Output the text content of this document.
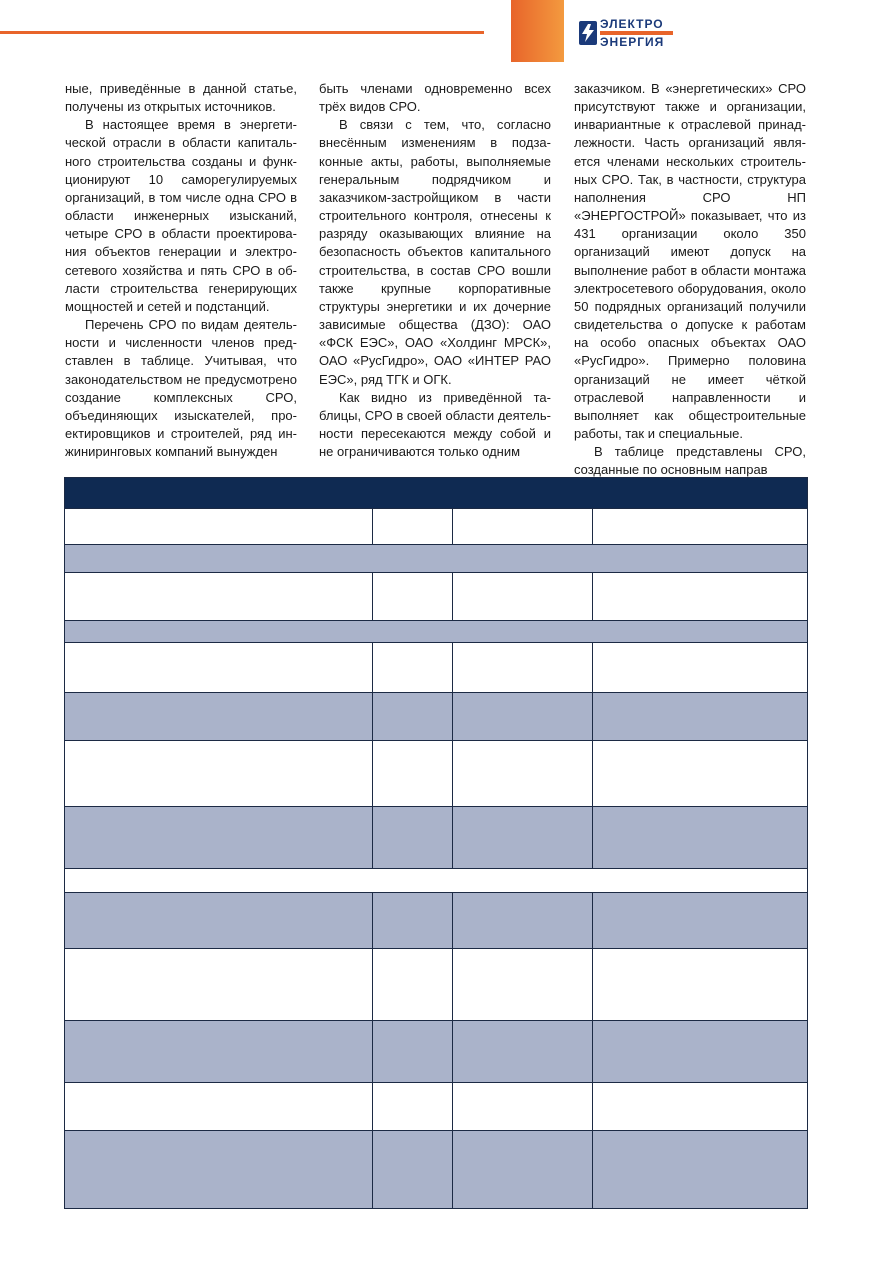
ЭЛЕКТРО
ЭНЕРГИЯ

ные, приведённые в данной статье, получены из открытых источников.

В настоящее время в энергетической отрасли в области капитального строительства созданы и функционируют 10 саморегулируемых организаций, в том числе одна СРО в области инженерных изысканий, четыре СРО в области проектирования объектов генерации и электросетевого хозяйства и пять СРО в области строительства генерирующих мощностей и сетей и подстанций.

Перечень СРО по видам деятельности и численности членов представлен в таблице. Учитывая, что законодательством не предусмотрено создание комплексных СРО, объединяющих изыскателей, проектировщиков и строителей, ряд инжиниринговых компаний вынужден

быть членами одновременно всех трёх видов СРО.

В связи с тем, что, согласно внесённым изменениям в подзаконные акты, работы, выполняемые генеральным подрядчиком и заказчиком-застройщиком в части строительного контроля, отнесены к разряду оказывающих влияние на безопасность объектов капитального строительства, в состав СРО вошли также крупные корпоративные структуры энергетики и их дочерние зависимые общества (ДЗО): ОАО «ФСК ЕЭС», ОАО «Холдинг МРСК», ОАО «РусГидро», ОАО «ИНТЕР РАО ЕЭС», ряд ТГК и ОГК.

Как видно из приведённой таблицы, СРО в своей области деятельности пересекаются между собой и не ограничиваются только одним

заказчиком. В «энергетических» СРО присутствуют также и организации, инвариантные к отраслевой принадлежности. Часть организаций является членами нескольких строительных СРО. Так, в частности, структура наполнения СРО НП «ЭНЕРГОСТРОЙ» показывает, что из 431 организации около 350 организаций имеют допуск на выполнение работ в области монтажа электросетевого оборудования, около 50 подрядных организаций получили свидетельства о допуске к работам на особо опасных объектах ОАО «РусГидро». Примерно половина организаций не имеет чёткой отраслевой направленности и выполняет как общестроительные работы, так и специальные.

В таблице представлены СРО, созданные по основным направ
